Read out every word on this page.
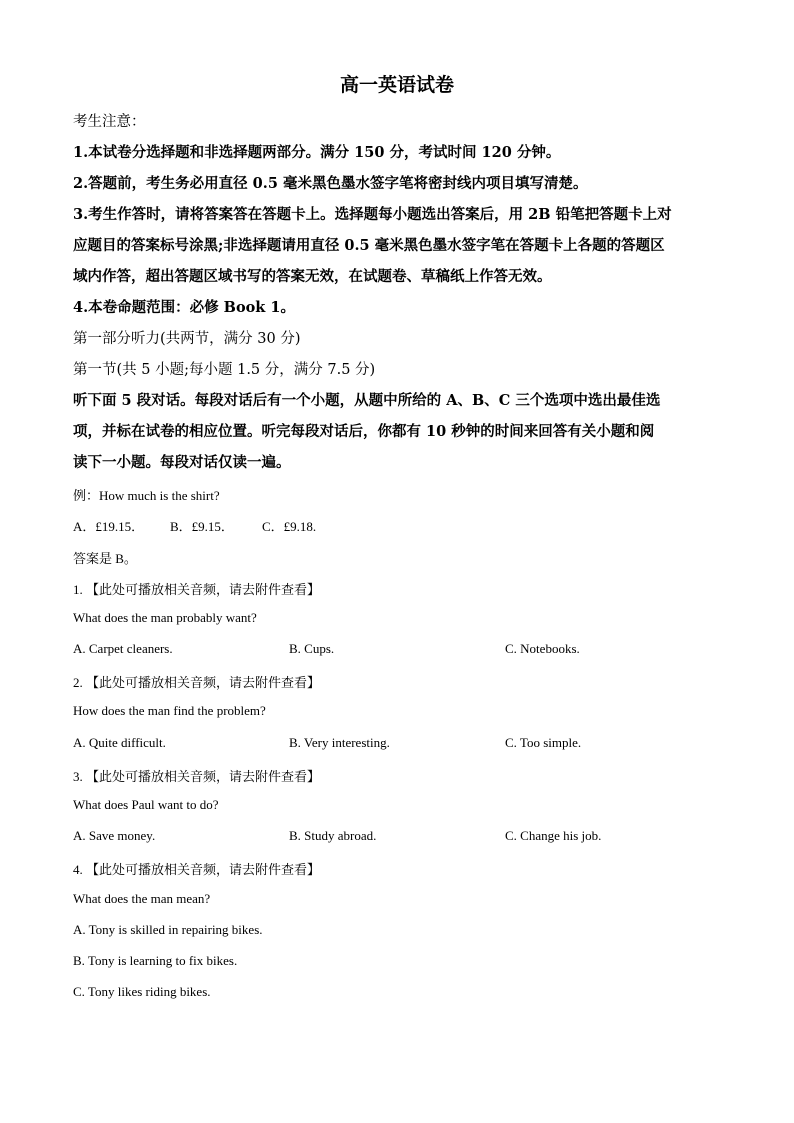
高一英语试卷
考生注意：
1.本试卷分选择题和非选择题两部分。满分 150 分，考试时间 120 分钟。
2.答题前，考生务必用直径 0.5 毫米黑色墨水签字笔将密封线内项目填写清楚。
3.考生作答时，请将答案答在答题卡上。选择题每小题选出答案后，用 2B 铅笔把答题卡上对
应题目的答案标号涂黑;非选择题请用直径 0.5 毫米黑色墨水签字笔在答题卡上各题的答题区
域内作答，超出答题区域书写的答案无效，在试题卷、草稿纸上作答无效。
4.本卷命题范围：必修 Book 1。
第一部分听力(共两节，满分 30 分)
第一节(共 5 小题;每小题 1.5 分，满分 7.5 分)
听下面 5 段对话。每段对话后有一个小题，从题中所给的 A、B、C 三个选项中选出最佳选
项，并标在试卷的相应位置。听完每段对话后，你都有 10 秒钟的时间来回答有关小题和阅
读下一小题。每段对话仅读一遍。
例：How much is the shirt?
A．£19.15． B．£9.15． C．£9.18.
答案是 B。
1. 【此处可播放相关音频，请去附件查看】
What does the man probably want?
A. Carpet cleaners.	B. Cups.	C. Notebooks.
2. 【此处可播放相关音频，请去附件查看】
How does the man find the problem?
A. Quite difficult.	B. Very interesting.	C. Too simple.
3. 【此处可播放相关音频，请去附件查看】
What does Paul want to do?
A. Save money.	B. Study abroad.	C. Change his job.
4. 【此处可播放相关音频，请去附件查看】
What does the man mean?
A. Tony is skilled in repairing bikes.
B. Tony is learning to fix bikes.
C. Tony likes riding bikes.
